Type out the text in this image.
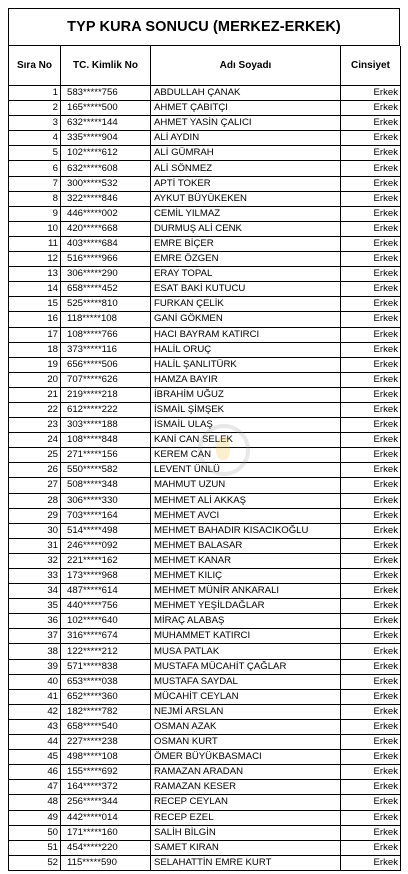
TYP KURA SONUCU (MERKEZ-ERKEK)
Sıra No	TC. Kimlik No	Adı Soyadı	Cinsiyet
1	583*****756	ABDULLAH ÇANAK	Erkek
2	165*****500	AHMET ÇABITÇI	Erkek
3	632*****144	AHMET YASİN ÇALICI	Erkek
4	335*****904	ALİ AYDIN	Erkek
5	102*****612	ALİ GÜMRAH	Erkek
6	632*****608	ALİ SÖNMEZ	Erkek
7	300*****532	APTİ TOKER	Erkek
8	322*****846	AYKUT BÜYÜKEKEN	Erkek
9	446*****002	CEMİL YILMAZ	Erkek
10	420*****668	DURMUŞ ALİ CENK	Erkek
11	403*****684	EMRE BİÇER	Erkek
12	516*****966	EMRE ÖZGEN	Erkek
13	306*****290	ERAY TOPAL	Erkek
14	658*****452	ESAT BAKİ KUTUCU	Erkek
15	525*****810	FURKAN ÇELİK	Erkek
16	118*****108	GANİ GÖKMEN	Erkek
17	108*****766	HACI BAYRAM KATIRCI	Erkek
18	373*****116	HALİL ORUÇ	Erkek
19	656*****506	HALİL ŞANLITÜRK	Erkek
20	707*****626	HAMZA BAYIR	Erkek
21	219*****218	İBRAHİM UĞUZ	Erkek
22	612*****222	İSMAİL ŞİMŞEK	Erkek
23	303*****188	İSMAİL ULAŞ	Erkek
24	108*****848	KANİ CAN SELEK	Erkek
25	271*****156	KEREM CAN	Erkek
26	550*****582	LEVENT ÜNLÜ	Erkek
27	508*****348	MAHMUT UZUN	Erkek
28	306*****330	MEHMET ALİ AKKAŞ	Erkek
29	703*****164	MEHMET AVCI	Erkek
30	514*****498	MEHMET BAHADIR KISACIKOĞLU	Erkek
31	246*****092	MEHMET BALASAR	Erkek
32	221*****162	MEHMET KANAR	Erkek
33	173*****968	MEHMET KILIÇ	Erkek
34	487*****614	MEHMET MÜNİR ANKARALI	Erkek
35	440*****756	MEHMET YEŞİLDAĞLAR	Erkek
36	102*****640	MİRAÇ ALABAŞ	Erkek
37	316*****674	MUHAMMET KATIRCI	Erkek
38	122*****212	MUSA PATLAK	Erkek
39	571*****838	MUSTAFA MÜCAHİT ÇAĞLAR	Erkek
40	653*****038	MUSTAFA SAYDAL	Erkek
41	652*****360	MÜCAHİT CEYLAN	Erkek
42	182*****782	NEJMİ ARSLAN	Erkek
43	658*****540	OSMAN AZAK	Erkek
44	227*****238	OSMAN KURT	Erkek
45	498*****108	ÖMER BÜYÜKBASMACI	Erkek
46	155*****692	RAMAZAN ARADAN	Erkek
47	164*****372	RAMAZAN KESER	Erkek
48	256*****344	RECEP CEYLAN	Erkek
49	442*****014	RECEP EZEL	Erkek
50	171*****160	SALİH BİLGİN	Erkek
51	454*****220	SAMET KIRAN	Erkek
52	115*****590	SELAHATTİN EMRE KURT	Erkek
